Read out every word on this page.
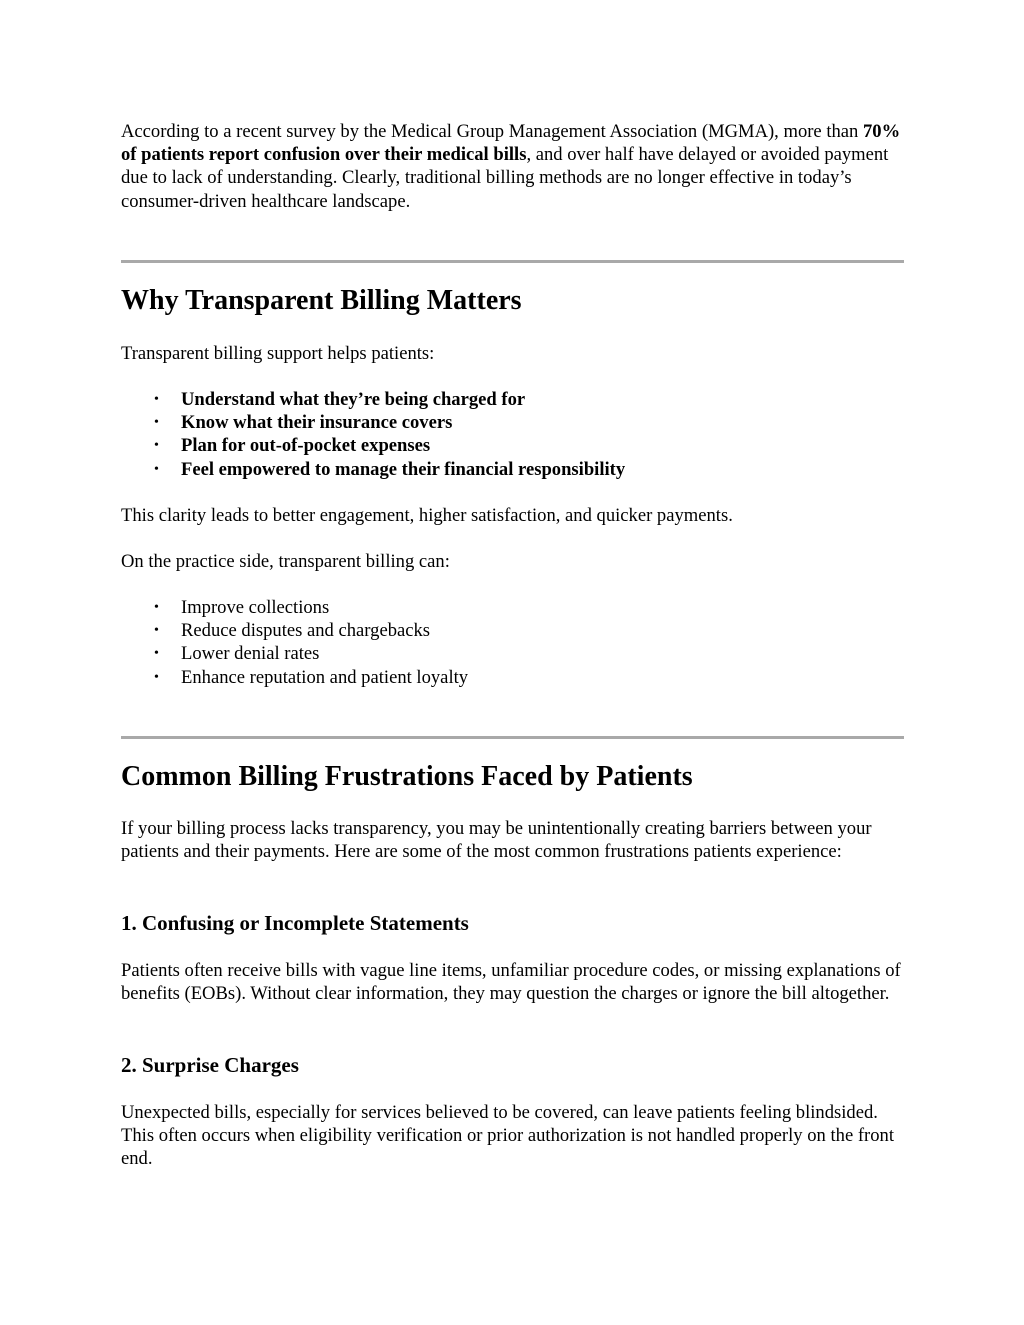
According to a recent survey by the Medical Group Management Association (MGMA), more than 70% of patients report confusion over their medical bills, and over half have delayed or avoided payment due to lack of understanding. Clearly, traditional billing methods are no longer effective in today’s consumer-driven healthcare landscape.

Why Transparent Billing Matters

Transparent billing support helps patients:

• Understand what they’re being charged for
• Know what their insurance covers
• Plan for out-of-pocket expenses
• Feel empowered to manage their financial responsibility

This clarity leads to better engagement, higher satisfaction, and quicker payments.

On the practice side, transparent billing can:

• Improve collections
• Reduce disputes and chargebacks
• Lower denial rates
• Enhance reputation and patient loyalty
Common Billing Frustrations Faced by Patients

If your billing process lacks transparency, you may be unintentionally creating barriers between your patients and their payments. Here are some of the most common frustrations patients experience:

1. Confusing or Incomplete Statements

Patients often receive bills with vague line items, unfamiliar procedure codes, or missing explanations of benefits (EOBs). Without clear information, they may question the charges or ignore the bill altogether.

2. Surprise Charges

Unexpected bills, especially for services believed to be covered, can leave patients feeling blindsided. This often occurs when eligibility verification or prior authorization is not handled properly on the front end.
